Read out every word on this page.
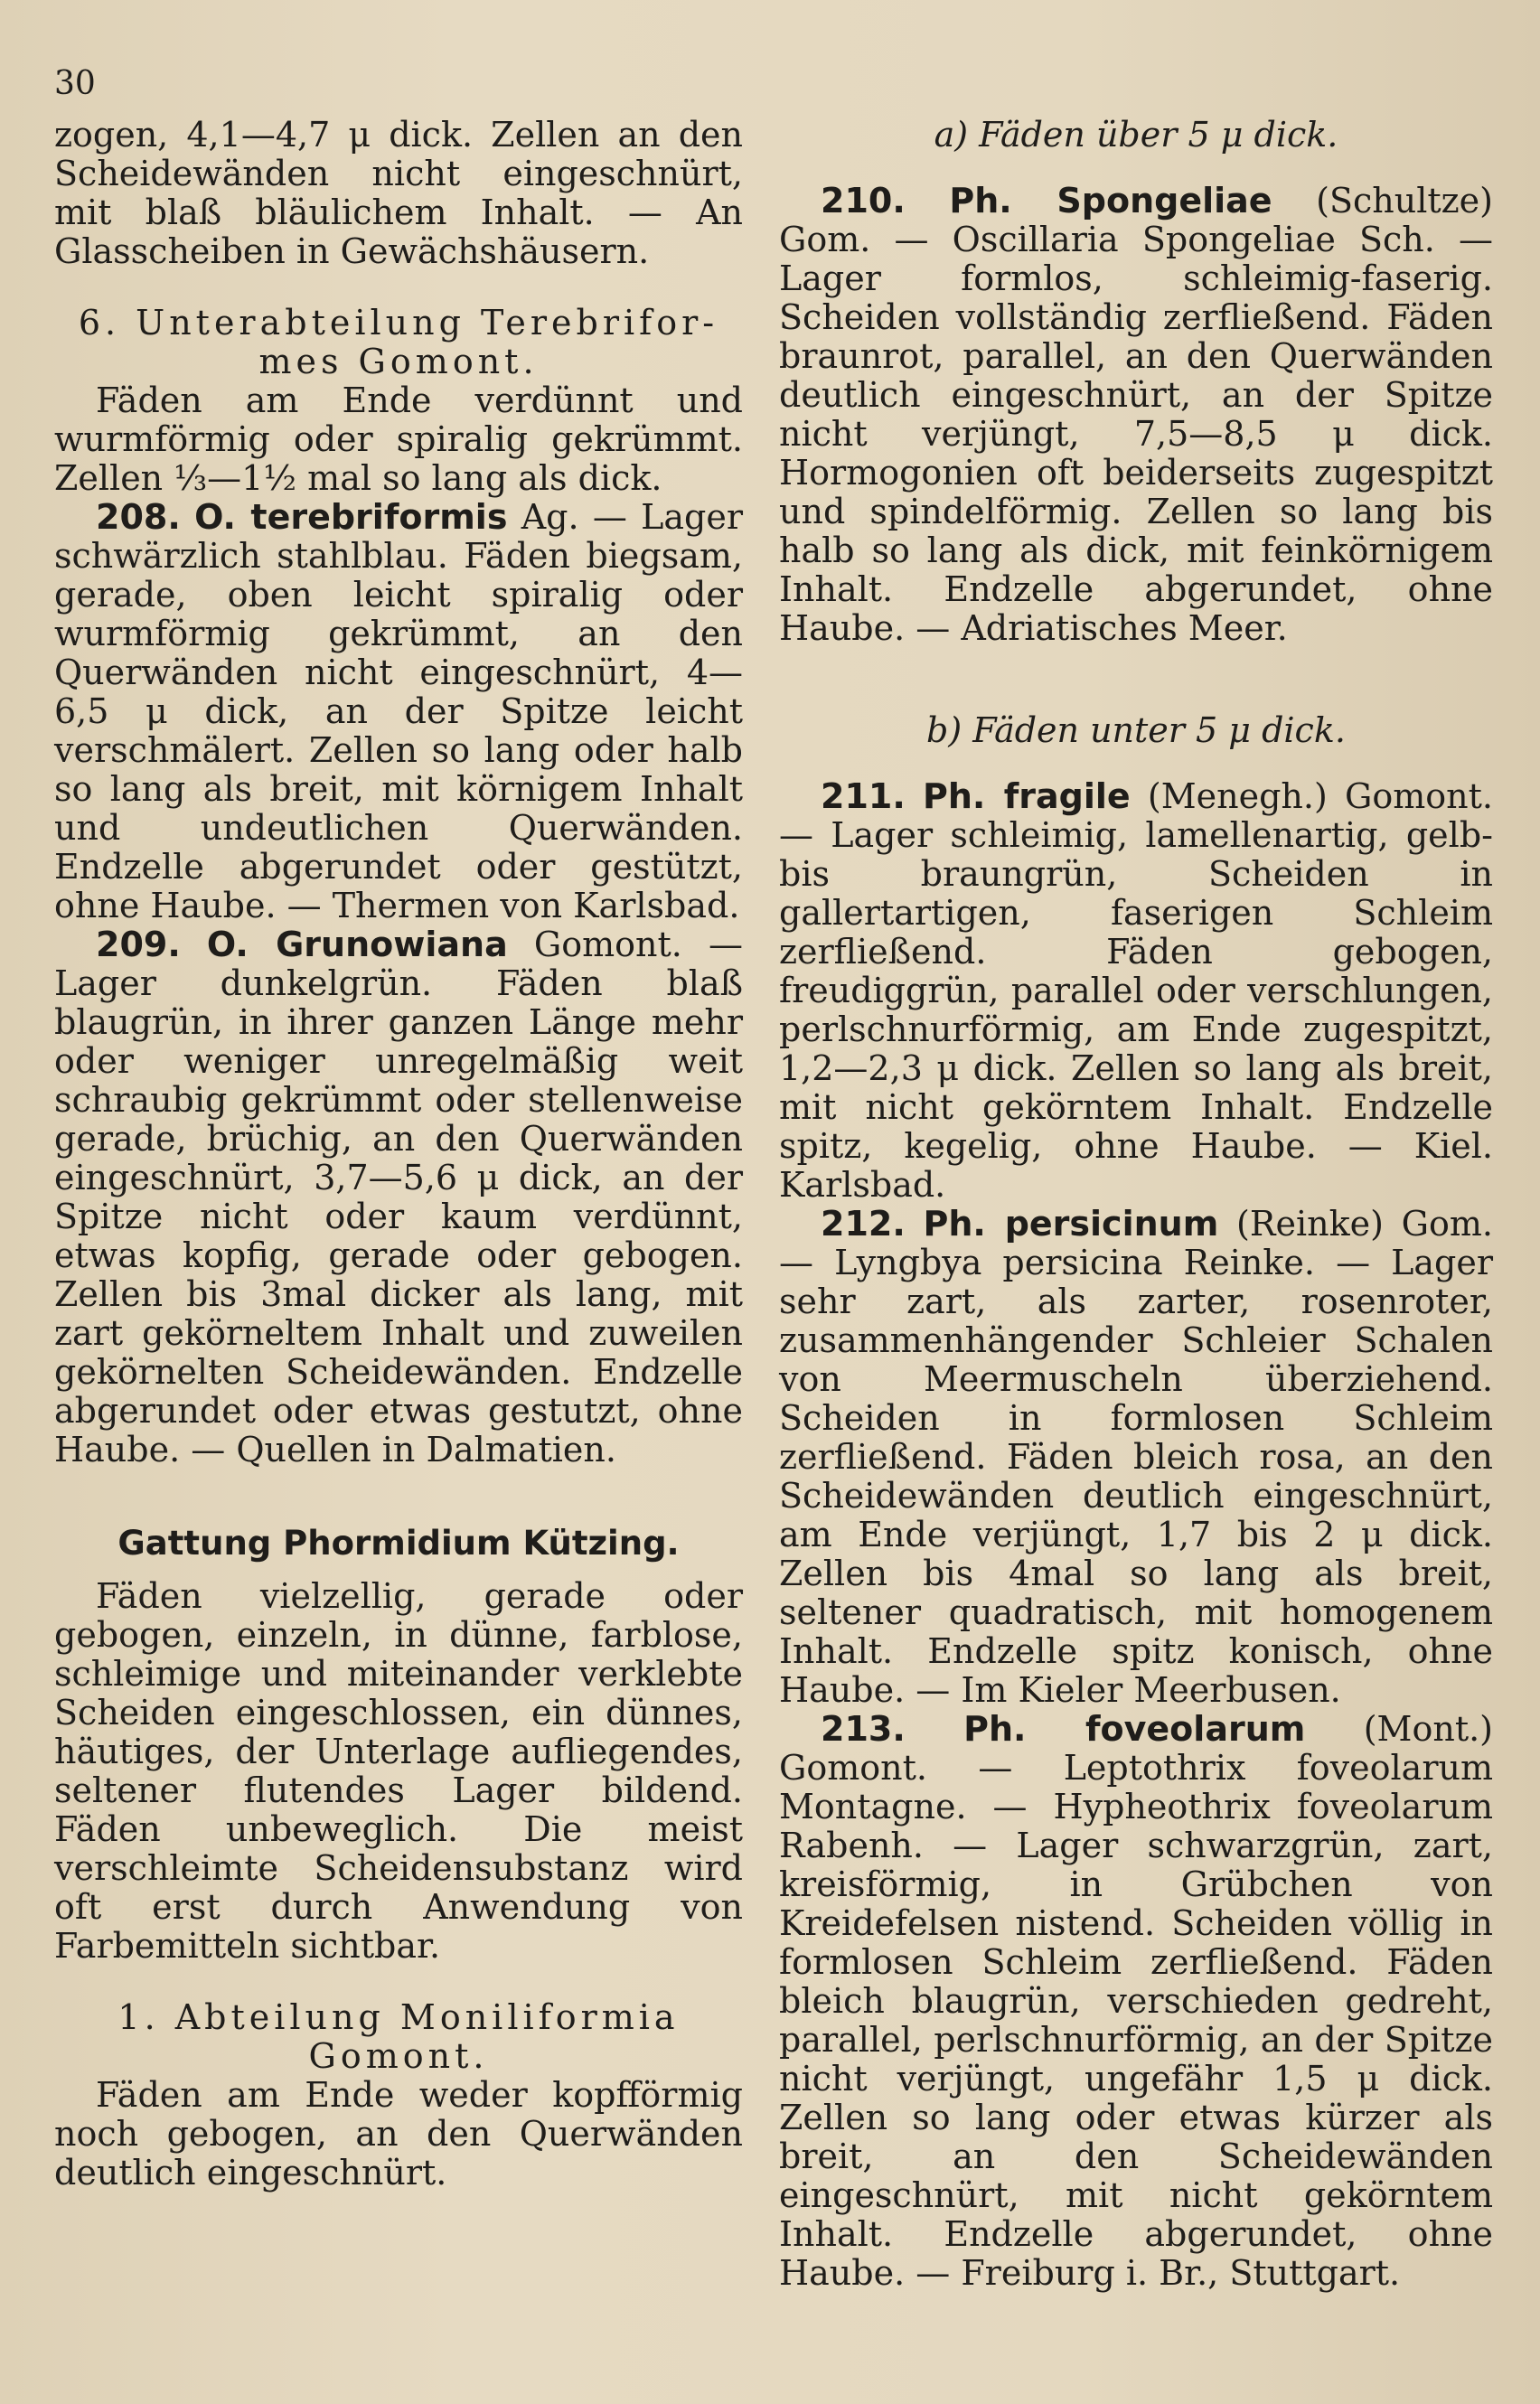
30

zogen, 4,1—4,7 μ dick. Zellen an den Scheidewänden nicht eingeschnürt, mit blaß bläulichem Inhalt. — An Glasscheiben in Gewächshäusern.

6. Unterabteilung Terebrifor-
mes Gomont.

Fäden am Ende verdünnt und wurmförmig oder spiralig gekrümmt. Zellen ⅓—1½ mal so lang als dick.

208. O. terebriformis Ag. — Lager schwärzlich stahlblau. Fäden biegsam, gerade, oben leicht spiralig oder wurmförmig gekrümmt, an den Querwänden nicht eingeschnürt, 4—6,5 μ dick, an der Spitze leicht verschmälert. Zellen so lang oder halb so lang als breit, mit körnigem Inhalt und undeutlichen Querwänden. Endzelle abgerundet oder gestützt, ohne Haube. — Thermen von Karlsbad.

209. O. Grunowiana Gomont. — Lager dunkelgrün. Fäden blaß blaugrün, in ihrer ganzen Länge mehr oder weniger unregelmäßig weit schraubig gekrümmt oder stellenweise gerade, brüchig, an den Querwänden eingeschnürt, 3,7—5,6 μ dick, an der Spitze nicht oder kaum verdünnt, etwas kopfig, gerade oder gebogen. Zellen bis 3mal dicker als lang, mit zart gekörneltem Inhalt und zuweilen gekörnelten Scheidewänden. Endzelle abgerundet oder etwas gestutzt, ohne Haube. — Quellen in Dalmatien.

Gattung Phormidium Kützing.

Fäden vielzellig, gerade oder gebogen, einzeln, in dünne, farblose, schleimige und miteinander verklebte Scheiden eingeschlossen, ein dünnes, häutiges, der Unterlage aufliegendes, seltener flutendes Lager bildend. Fäden unbeweglich. Die meist verschleimte Scheidensubstanz wird oft erst durch Anwendung von Farbemitteln sichtbar.

1. Abteilung Moniliformia
Gomont.

Fäden am Ende weder kopfförmig noch gebogen, an den Querwänden deutlich eingeschnürt.

a) Fäden über 5 μ dick.

210. Ph. Spongeliae (Schultze) Gom. — Oscillaria Spongeliae Sch. — Lager formlos, schleimig-faserig. Scheiden vollständig zerfließend. Fäden braunrot, parallel, an den Querwänden deutlich eingeschnürt, an der Spitze nicht verjüngt, 7,5—8,5 μ dick. Hormogonien oft beiderseits zugespitzt und spindelförmig. Zellen so lang bis halb so lang als dick, mit feinkörnigem Inhalt. Endzelle abgerundet, ohne Haube. — Adriatisches Meer.

b) Fäden unter 5 μ dick.

211. Ph. fragile (Menegh.) Gomont. — Lager schleimig, lamellenartig, gelb- bis braungrün, Scheiden in gallertartigen, faserigen Schleim zerfließend. Fäden gebogen, freudiggrün, parallel oder verschlungen, perlschnurförmig, am Ende zugespitzt, 1,2—2,3 μ dick. Zellen so lang als breit, mit nicht gekörntem Inhalt. Endzelle spitz, kegelig, ohne Haube. — Kiel. Karlsbad.

212. Ph. persicinum (Reinke) Gom. — Lyngbya persicina Reinke. — Lager sehr zart, als zarter, rosenroter, zusammenhängender Schleier Schalen von Meermuscheln überziehend. Scheiden in formlosen Schleim zerfließend. Fäden bleich rosa, an den Scheidewänden deutlich eingeschnürt, am Ende verjüngt, 1,7 bis 2 μ dick. Zellen bis 4mal so lang als breit, seltener quadratisch, mit homogenem Inhalt. Endzelle spitz konisch, ohne Haube. — Im Kieler Meerbusen.

213. Ph. foveolarum (Mont.) Gomont. — Leptothrix foveolarum Montagne. — Hypheothrix foveolarum Rabenh. — Lager schwarzgrün, zart, kreisförmig, in Grübchen von Kreidefelsen nistend. Scheiden völlig in formlosen Schleim zerfließend. Fäden bleich blaugrün, verschieden gedreht, parallel, perlschnurförmig, an der Spitze nicht verjüngt, ungefähr 1,5 μ dick. Zellen so lang oder etwas kürzer als breit, an den Scheidewänden eingeschnürt, mit nicht gekörntem Inhalt. Endzelle abgerundet, ohne Haube. — Freiburg i. Br., Stuttgart.
